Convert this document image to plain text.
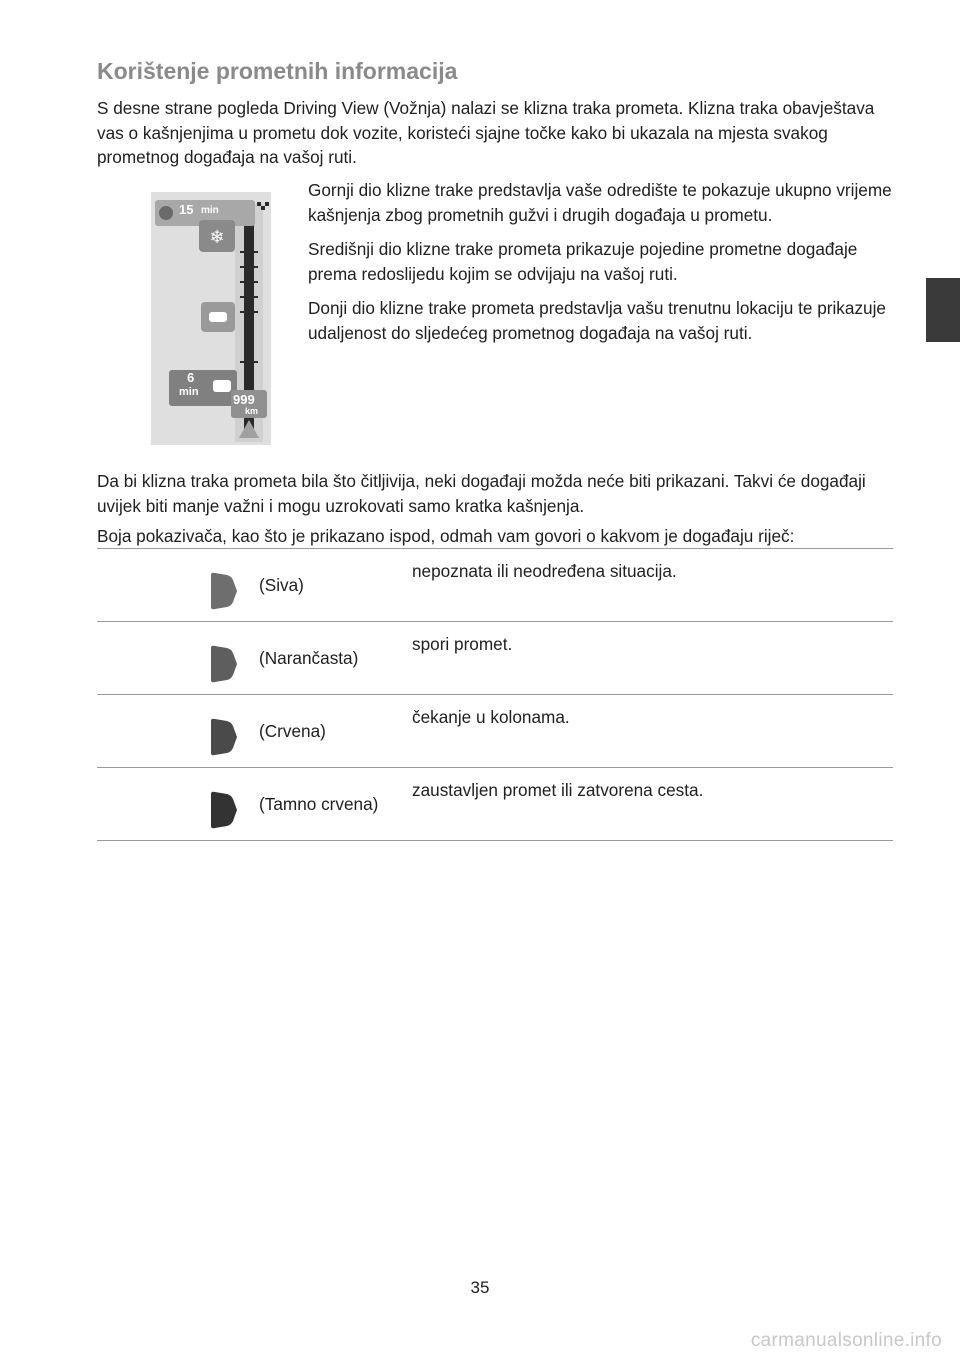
Korištenje prometnih informacija

S desne strane pogleda Driving View (Vožnja) nalazi se klizna traka prometa. Klizna traka obavještava vas o kašnjenjima u prometu dok vozite, koristeći sjajne točke kako bi ukazala na mjesta svakog prometnog događaja na vašoj ruti.

❄
15 min
6
min	999
km

Gornji dio klizne trake predstavlja vaše odredište te pokazuje ukupno vrijeme kašnjenja zbog prometnih gužvi i drugih događaja u prometu.

Središnji dio klizne trake prometa prikazuje pojedine prometne događaje prema redoslijedu kojim se odvijaju na vašoj ruti.

Donji dio klizne trake prometa predstavlja vašu trenutnu lokaciju te prikazuje udaljenost do sljedećeg prometnog događaja na vašoj ruti.

Da bi klizna traka prometa bila što čitljivija, neki događaji možda neće biti prikazani. Takvi će događaji uvijek biti manje važni i mogu uzrokovati samo kratka kašnjenja.

Boja pokazivača, kao što je prikazano ispod, odmah vam govori o kakvom je događaju riječ:

(Siva)
nepoznata ili neodređena situacija.
(Narančasta)
spori promet.
(Crvena)
čekanje u kolonama.
(Tamno crvena)
zaustavljen promet ili zatvorena cesta.
35
carmanualsonline.info
